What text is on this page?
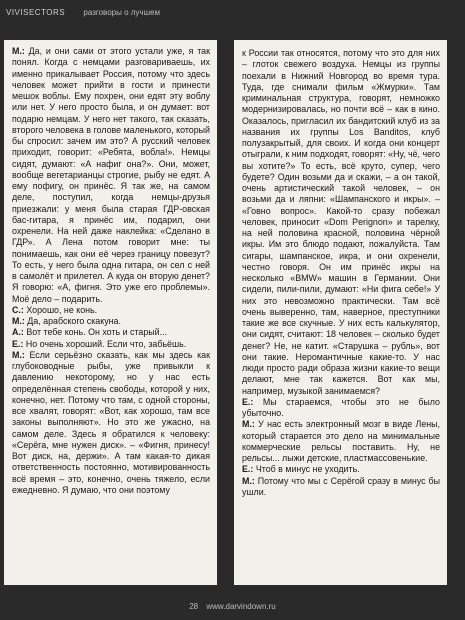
VIVISECTORS разговоры о лучшем

М.: Да, и они сами от этого устали уже, я так понял. Когда с немцами разговариваешь, их именно прикалывает Россия, потому что здесь человек может прийти в гости и принести мешок воблы. Ему похрен, они едят эту воблу или нет. У него просто была, и он думает: вот подарю немцам. У него нет такого, так сказать, второго человека в голове маленького, который бы спросил: зачем им это? А русский человек приходит, говорит: «Ребята, вобла!». Немцы сидят, думают: «А нафиг она?». Они, может, вообще вегетарианцы строгие, рыбу не едят. А ему пофигу, он принёс. Я так же, на самом деле, поступил, когда немцы-друзья приезжали: у меня была старая ГДР-овская бас-гитара, я принёс им, подарил, они охренели. На ней даже наклейка: «Сделано в ГДР». А Лена потом говорит мне: ты понимаешь, как они её через границу повезут? То есть, у него была одна гитара, он сел с ней в самолёт и прилетел. А куда он вторую денет? Я говорю: «А, фигня. Это уже его проблемы». Моё дело – подарить.

С.: Хорошо, не конь.

М.: Да, арабского скакуна.

А.: Вот тебе конь. Он хоть и старый...

Е.: Но очень хороший. Если что, забьёшь.

М.: Если серьёзно сказать, как мы здесь как глубоководные рыбы, уже привыкли к давлению некоторому, но у нас есть определённая степень свободы, которой у них, конечно, нет. Потому что там, с одной стороны, все хвалят, говорят: «Вот, как хорошо, там все законы выполняют». Но это же ужасно, на самом деле. Здесь я обратился к человеку: «Серёга, мне нужен диск». – «Фигня, принесу! Вот диск, на, держи». А там какая-то дикая ответственность постоянно, мотивированность всё время – это, конечно, очень тяжело, если ежедневно. Я думаю, что они поэтому

к России так относятся, потому что это для них – глоток свежего воздуха. Немцы из группы поехали в Нижний Новгород во время тура. Туда, где снимали фильм «Жмурки». Там криминальная структура, говорят, немножко модернизировалась, но почти всё – как в кино. Оказалось, пригласил их бандитский клуб из за названия их группы Los Banditos, клуб полузакрытый, для своих. И когда они концерт отыграли, к ним подходят, говорят: «Ну, чё, чего вы хотите?» То есть, всё круто, супер, чего будете? Один возьми да и скажи, – а он такой, очень артистический такой человек, – он возьми да и ляпни: «Шампанского и икры». – «Говно вопрос». Какой-то сразу побежал человек, приносит «Dom Perignon» и тарелку, на ней половина красной, половина чёрной икры. Им это блюдо подают, пожалуйста. Там сигары, шампанское, икра, и они охренели, честно говоря. Он им принёс икры на несколько «BMW» машин в Германии. Они сидели, пили-пили, думают: «Ни фига себе!» У них это невозможно практически. Там всё очень выверенно, там, наверное, преступники такие же все скучные. У них есть калькулятор, они сидят, считают: 18 человек – сколько будет денег? Не, не катит. «Старушка – рубль», вот они такие. Неромантичные какие-то. У нас люди просто ради образа жизни какие-то вещи делают, мне так кажется. Вот как мы, например, музыкой занимаемся?

Е.: Мы стараемся, чтобы это не было убыточно.

М.: У нас есть электронный мозг в виде Лены, который старается это дело на минимальные коммерческие рельсы поставить. Ну, не рельсы... лыжи детские, пластмассовенькие.

Е.: Чтоб в минус не уходить.

М.: Потому что мы с Серёгой сразу в минус бы ушли.

28 www.darvindown.ru
